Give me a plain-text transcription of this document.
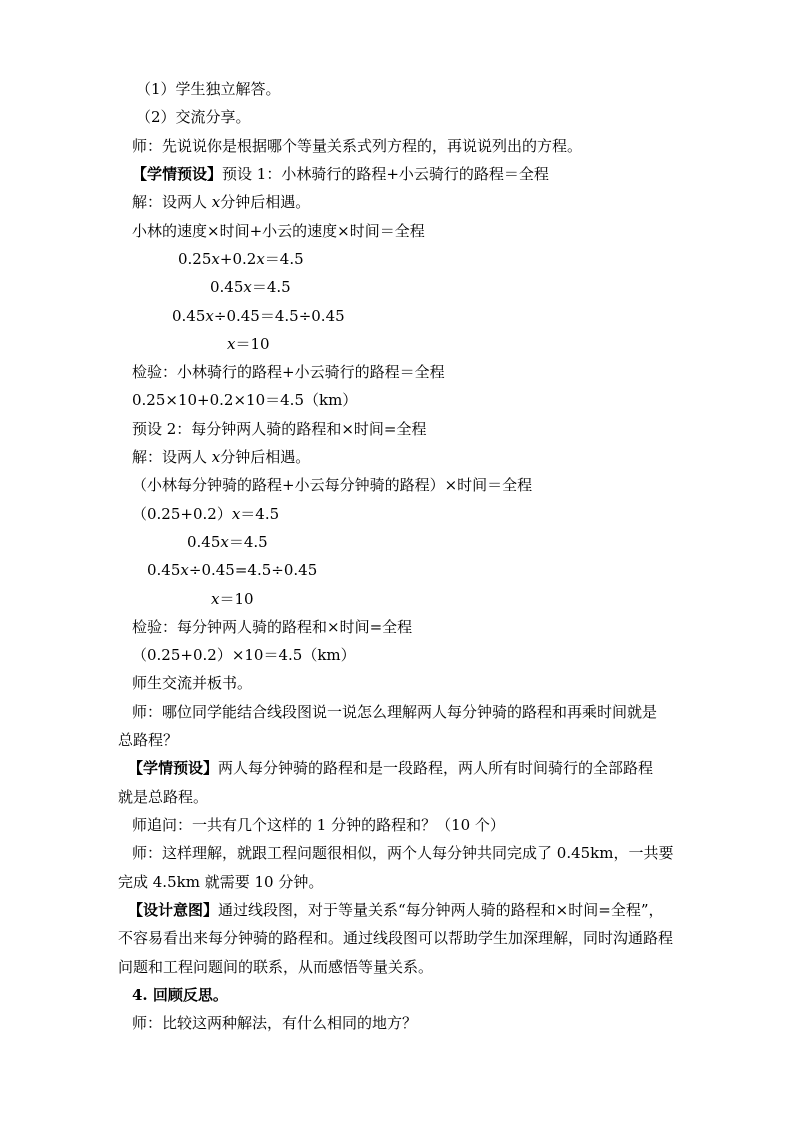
（1）学生独立解答。
（2）交流分享。
师：先说说你是根据哪个等量关系式列方程的，再说说列出的方程。
【学情预设】预设 1：小林骑行的路程+小云骑行的路程＝全程
解：设两人 x分钟后相遇。
小林的速度×时间+小云的速度×时间＝全程
0.25x+0.2x＝4.5
0.45x＝4.5
0.45x÷0.45＝4.5÷0.45
x＝10
检验：小林骑行的路程+小云骑行的路程＝全程
0.25×10+0.2×10＝4.5（km）
预设 2：每分钟两人骑的路程和×时间=全程
解：设两人 x分钟后相遇。
（小林每分钟骑的路程+小云每分钟骑的路程）×时间＝全程
（0.25+0.2）x＝4.5
0.45x＝4.5
0.45x÷0.45=4.5÷0.45
x＝10
检验：每分钟两人骑的路程和×时间=全程
（0.25+0.2）×10＝4.5（km）
师生交流并板书。
师：哪位同学能结合线段图说一说怎么理解两人每分钟骑的路程和再乘时间就是
总路程？
【学情预设】两人每分钟骑的路程和是一段路程，两人所有时间骑行的全部路程
就是总路程。
师追问：一共有几个这样的 1 分钟的路程和？（10 个）
师：这样理解，就跟工程问题很相似，两个人每分钟共同完成了 0.45km，一共要
完成 4.5km 就需要 10 分钟。
【设计意图】通过线段图，对于等量关系“每分钟两人骑的路程和×时间=全程”，
不容易看出来每分钟骑的路程和。通过线段图可以帮助学生加深理解，同时沟通路程
问题和工程问题间的联系，从而感悟等量关系。
4. 回顾反思。
师：比较这两种解法，有什么相同的地方？
